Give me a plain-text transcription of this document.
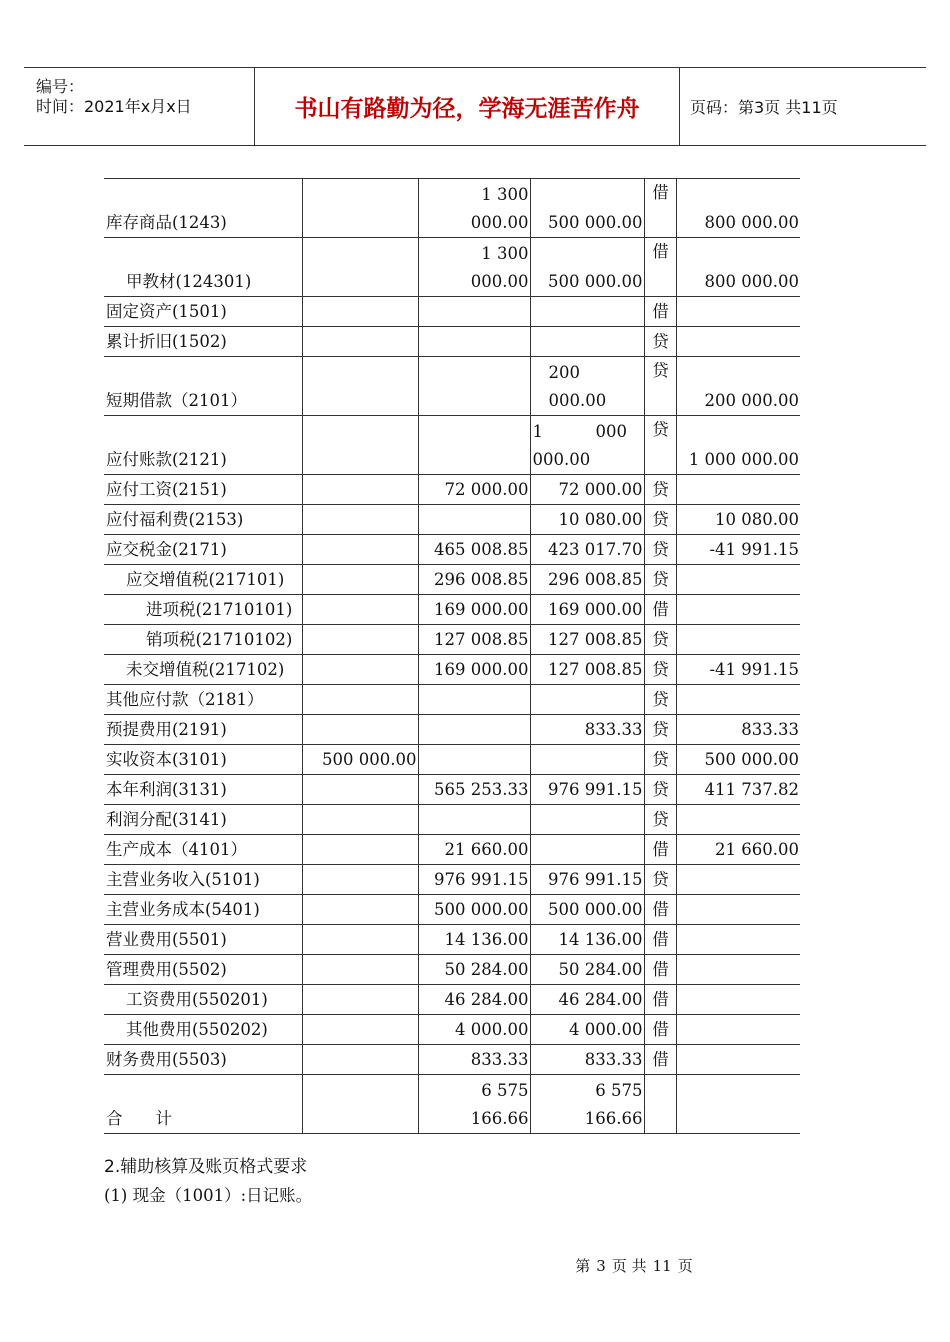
编号：
时间：2021年x月x日	书山有路勤为径，学海无涯苦作舟	页码：第3页 共11页
库存商品(1243)		1 300
000.00	500 000.00	借	800 000.00
甲教材(124301)		1 300
000.00	500 000.00	借	800 000.00
固定资产(1501)				借	
累计折旧(1502)				贷	
短期借款（2101）			200
000.00	贷	200 000.00
应付账款(2121)			1          000
000.00	贷	1 000 000.00
应付工资(2151)		72 000.00	72 000.00	贷	
应付福利费(2153)			10 080.00	贷	10 080.00
应交税金(2171)		465 008.85	423 017.70	贷	-41 991.15
应交增值税(217101)		296 008.85	296 008.85	贷	
进项税(21710101)		169 000.00	169 000.00	借	
销项税(21710102)		127 008.85	127 008.85	贷	
未交增值税(217102)		169 000.00	127 008.85	贷	-41 991.15
其他应付款（2181）				贷	
预提费用(2191)			833.33	贷	833.33
实收资本(3101)	500 000.00			贷	500 000.00
本年利润(3131)		565 253.33	976 991.15	贷	411 737.82
利润分配(3141)				贷	
生产成本（4101）		21 660.00		借	21 660.00
主营业务收入(5101)		976 991.15	976 991.15	贷	
主营业务成本(5401)		500 000.00	500 000.00	借	
营业费用(5501)		14 136.00	14 136.00	借	
管理费用(5502)		50 284.00	50 284.00	借	
工资费用(550201)		46 284.00	46 284.00	借	
其他费用(550202)		4 000.00	4 000.00	借	
财务费用(5503)		833.33	833.33	借	
合　　计		6 575
166.66	6 575
166.66		
2.辅助核算及账页格式要求
(1) 现金（1001）:日记账。
第 3 页 共 11 页
